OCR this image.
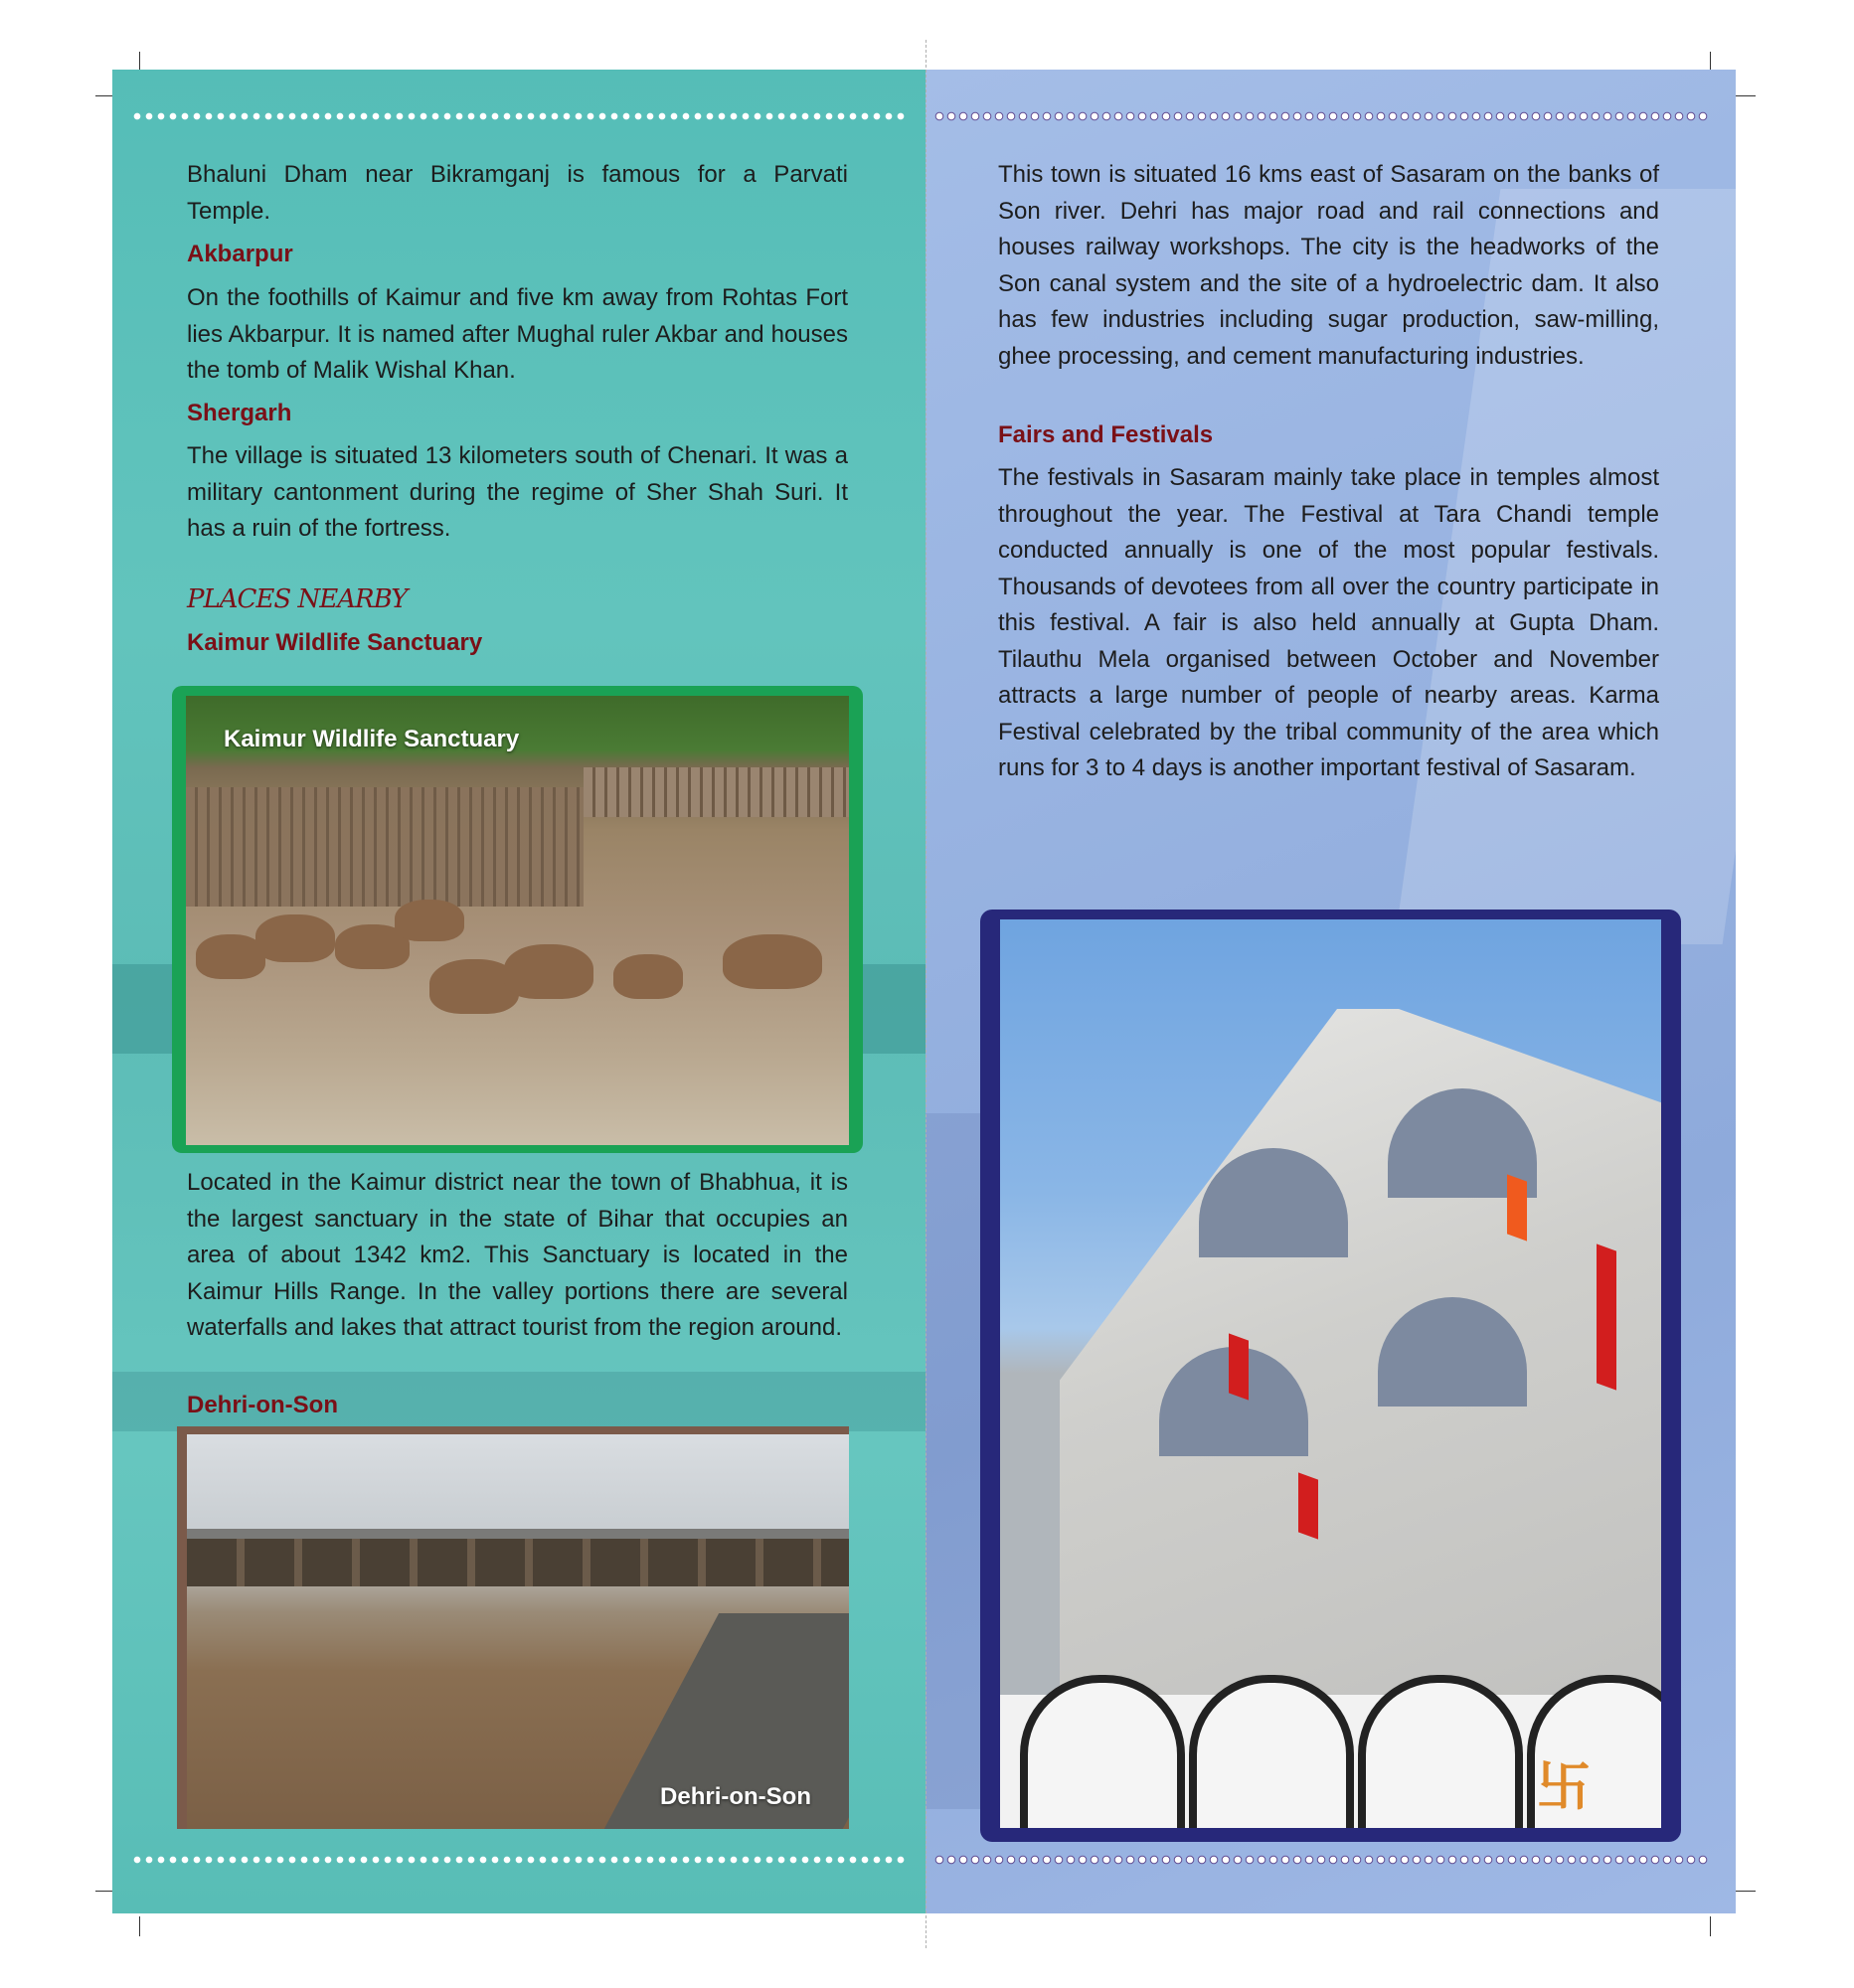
Bhaluni Dham near Bikramganj is famous for a Parvati Temple.

Akbarpur

On the foothills of Kaimur and five km away from Rohtas Fort lies Akbarpur. It is named after Mughal ruler Akbar and houses the tomb of Malik Wishal Khan.

Shergarh

The village is situated 13 kilometers south of Chenari. It was a military cantonment during the regime of Sher Shah Suri. It has a ruin of the fortress.

PLACES NEARBY
Kaimur Wildlife Sanctuary
Kaimur Wildlife Sanctuary

Located in the Kaimur district near the town of Bhabhua, it is the largest sanctuary in the state of Bihar that occupies an area of about 1342 km2. This Sanctuary is located in the Kaimur Hills Range. In the valley portions there are several waterfalls and lakes that attract tourist from the region around.

Dehri-on-Son
Dehri-on-Son

This town is situated 16 kms east of Sasaram on the banks of Son river. Dehri has major road and rail connections and houses railway workshops. The city is the headworks of the Son canal system and the site of a hydroelectric dam. It also has few industries including sugar production, saw-milling, ghee processing, and cement manufacturing industries.

Fairs and Festivals

The festivals in Sasaram mainly take place in temples almost throughout the year. The Festival at Tara Chandi temple conducted annually is one of the most popular festivals. Thousands of devotees from all over the country participate in this festival. A fair is also held annually at Gupta Dham. Tilauthu Mela organised between October and November attracts a large number of people of nearby areas. Karma Festival celebrated by the tribal community of the area which runs for 3 to 4 days is another important festival of Sasaram.

卐
